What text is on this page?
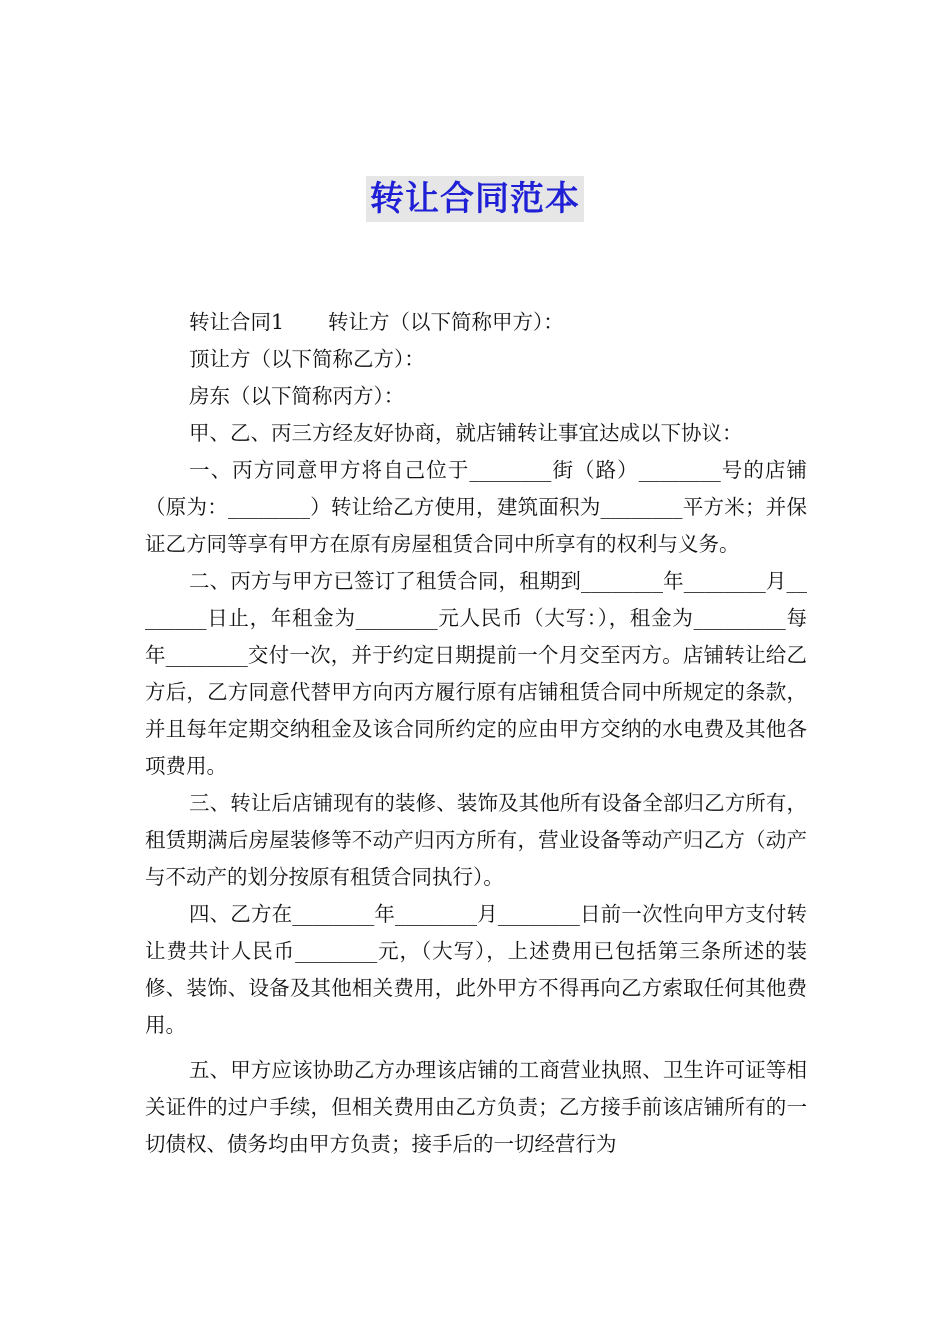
转让合同范本

转让合同1 转让方（以下简称甲方）：

顶让方（以下简称乙方）：

房东（以下简称丙方）：

甲、乙、丙三方经友好协商，就店铺转让事宜达成以下协议：

一、丙方同意甲方将自己位于________街（路）________号的店铺（原为：________）转让给乙方使用，建筑面积为________平方米；并保证乙方同等享有甲方在原有房屋租赁合同中所享有的权利与义务。

二、丙方与甲方已签订了租赁合同，租期到________年________月________日止，年租金为________元人民币（大写：），租金为_________每年________交付一次，并于约定日期提前一个月交至丙方。店铺转让给乙方后，乙方同意代替甲方向丙方履行原有店铺租赁合同中所规定的条款，并且每年定期交纳租金及该合同所约定的应由甲方交纳的水电费及其他各项费用。

三、转让后店铺现有的装修、装饰及其他所有设备全部归乙方所有，租赁期满后房屋装修等不动产归丙方所有，营业设备等动产归乙方（动产与不动产的划分按原有租赁合同执行）。

四、乙方在________年________月________日前一次性向甲方支付转让费共计人民币________元，（大写），上述费用已包括第三条所述的装修、装饰、设备及其他相关费用，此外甲方不得再向乙方索取任何其他费用。

五、甲方应该协助乙方办理该店铺的工商营业执照、卫生许可证等相关证件的过户手续，但相关费用由乙方负责；乙方接手前该店铺所有的一切债权、债务均由甲方负责；接手后的一切经营行为
